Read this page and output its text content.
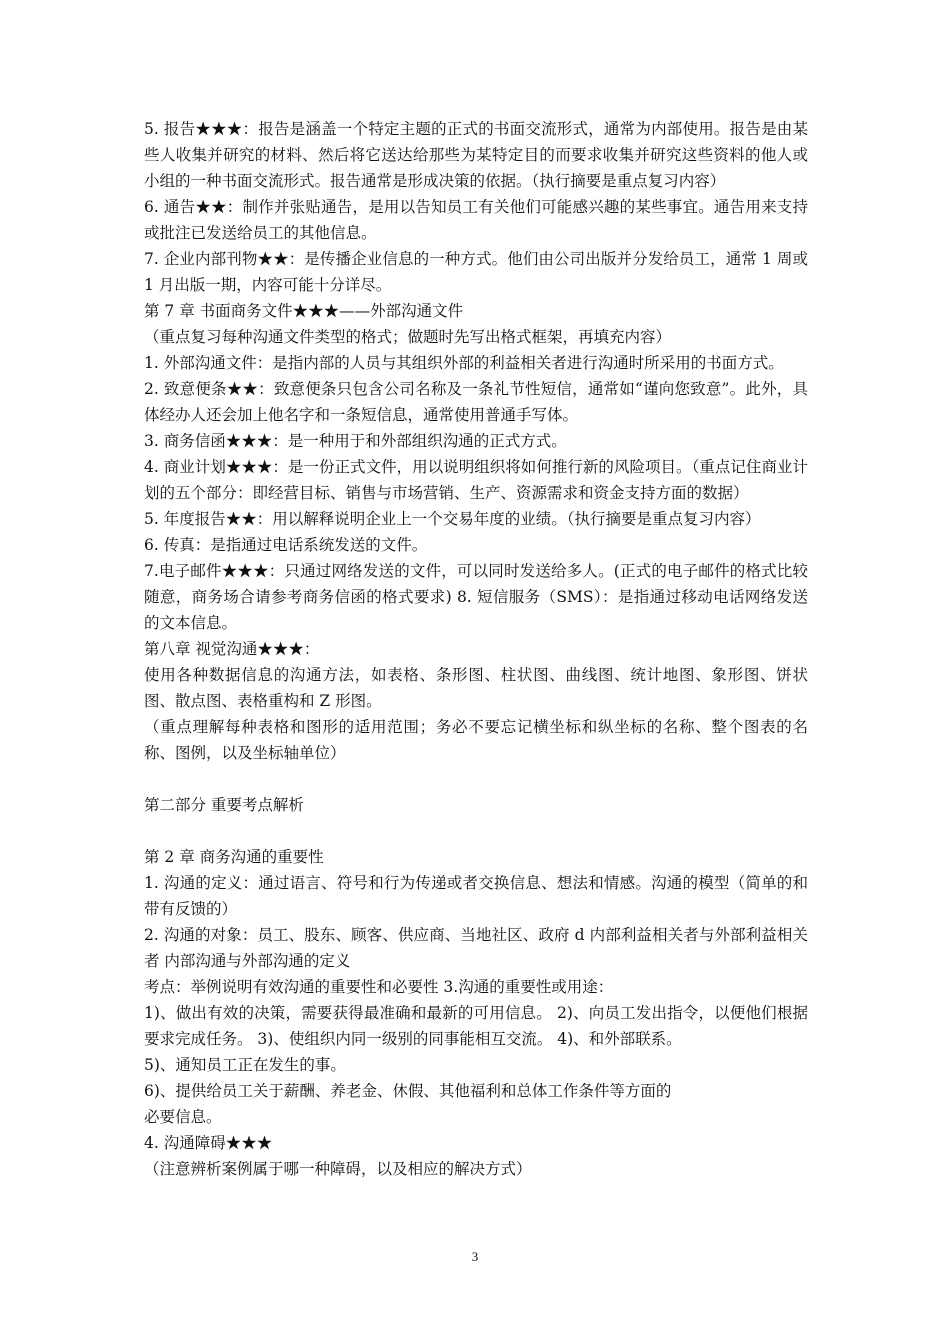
5. 报告★★★：报告是涵盖一个特定主题的正式的书面交流形式，通常为内部使用。报告是由某些人收集并研究的材料、然后将它送达给那些为某特定目的而要求收集并研究这些资料的他人或小组的一种书面交流形式。报告通常是形成决策的依据。（执行摘要是重点复习内容）

6. 通告★★：制作并张贴通告，是用以告知员工有关他们可能感兴趣的某些事宜。通告用来支持或批注已发送给员工的其他信息。

7. 企业内部刊物★★：是传播企业信息的一种方式。他们由公司出版并分发给员工，通常 1 周或 1 月出版一期，内容可能十分详尽。

第 7 章 书面商务文件★★★——外部沟通文件

（重点复习每种沟通文件类型的格式；做题时先写出格式框架，再填充内容）

1. 外部沟通文件：是指内部的人员与其组织外部的利益相关者进行沟通时所采用的书面方式。

2. 致意便条★★：致意便条只包含公司名称及一条礼节性短信，通常如“谨向您致意”。此外，具体经办人还会加上他名字和一条短信息，通常使用普通手写体。

3. 商务信函★★★：是一种用于和外部组织沟通的正式方式。

4. 商业计划★★★：是一份正式文件，用以说明组织将如何推行新的风险项目。（重点记住商业计划的五个部分：即经营目标、销售与市场营销、生产、资源需求和资金支持方面的数据）

5. 年度报告★★：用以解释说明企业上一个交易年度的业绩。（执行摘要是重点复习内容）

6. 传真：是指通过电话系统发送的文件。

7.电子邮件★★★：只通过网络发送的文件，可以同时发送给多人。(正式的电子邮件的格式比较随意，商务场合请参考商务信函的格式要求) 8. 短信服务（SMS）：是指通过移动电话网络发送的文本信息。

第八章 视觉沟通★★★：

使用各种数据信息的沟通方法，如表格、条形图、柱状图、曲线图、统计地图、象形图、饼状图、散点图、表格重构和 Z 形图。

（重点理解每种表格和图形的适用范围；务必不要忘记横坐标和纵坐标的名称、整个图表的名称、图例，以及坐标轴单位）

第二部分 重要考点解析

第 2 章 商务沟通的重要性

1. 沟通的定义：通过语言、符号和行为传递或者交换信息、想法和情感。沟通的模型（简单的和带有反馈的）

2. 沟通的对象：员工、股东、顾客、供应商、当地社区、政府 d 内部利益相关者与外部利益相关者 内部沟通与外部沟通的定义

考点：举例说明有效沟通的重要性和必要性 3.沟通的重要性或用途：

1)、做出有效的决策，需要获得最准确和最新的可用信息。 2)、向员工发出指令，以便他们根据要求完成任务。 3)、使组织内同一级别的同事能相互交流。 4)、和外部联系。

5)、通知员工正在发生的事。

6)、提供给员工关于薪酬、养老金、休假、其他福利和总体工作条件等方面的

必要信息。

4. 沟通障碍★★★

（注意辨析案例属于哪一种障碍，以及相应的解决方式）

3
